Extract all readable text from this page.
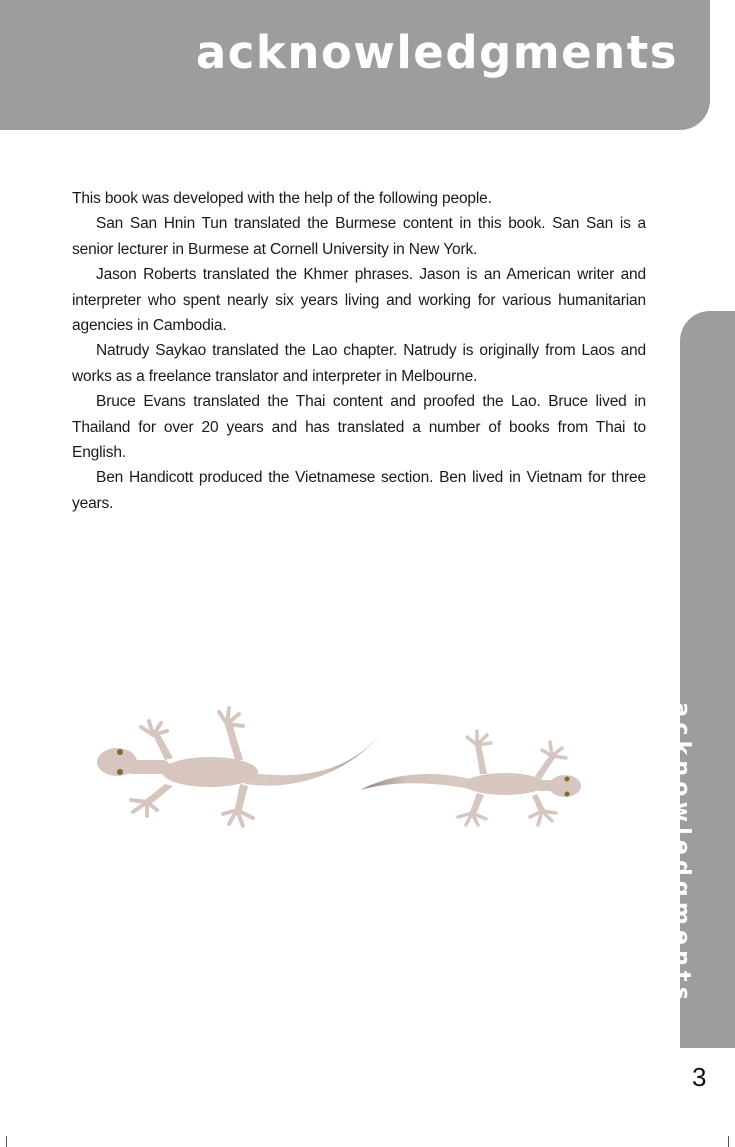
acknowledgments

This book was developed with the help of the following people.

San San Hnin Tun translated the Burmese content in this book. San San is a senior lecturer in Burmese at Cornell University in New York.

Jason Roberts translated the Khmer phrases. Jason is an American writer and interpreter who spent nearly six years living and working for various humanitarian agencies in Cambodia.

Natrudy Saykao translated the Lao chapter. Natrudy is originally from Laos and works as a freelance translator and interpreter in Melbourne.

Bruce Evans translated the Thai content and proofed the Lao. Bruce lived in Thailand for over 20 years and has translated a number of books from Thai to English.

Ben Handicott produced the Vietnamese section. Ben lived in Vietnam for three years.

acknowledgments
3
